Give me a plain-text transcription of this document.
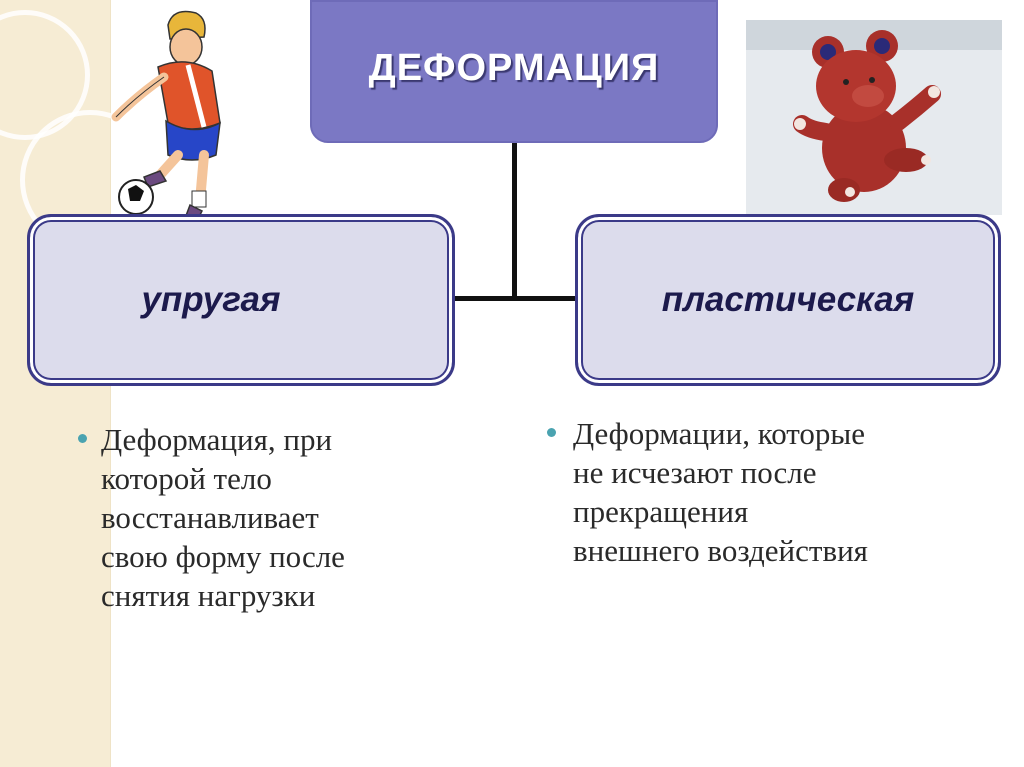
ДЕФОРМАЦИЯ
упругая	пластическая
Деформация, при
которой тело
восстанавливает
свою форму после
снятия нагрузки
Деформации, которые
не исчезают после
прекращения
внешнего воздействия
